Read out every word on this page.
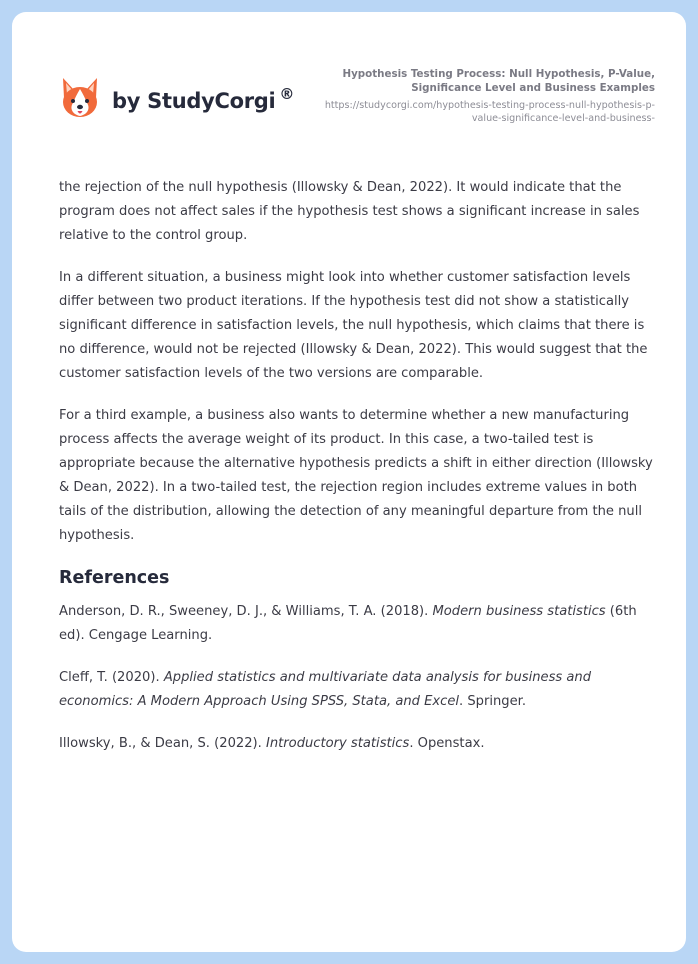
by StudyCorgi ®
Hypothesis Testing Process: Null Hypothesis, P-Value, Significance Level and Business Examples
https://studycorgi.com/hypothesis-testing-process-null-hypothesis-p-value-significance-level-and-business-

the rejection of the null hypothesis (Illowsky & Dean, 2022). It would indicate that the program does not affect sales if the hypothesis test shows a significant increase in sales relative to the control group.

In a different situation, a business might look into whether customer satisfaction levels differ between two product iterations. If the hypothesis test did not show a statistically significant difference in satisfaction levels, the null hypothesis, which claims that there is no difference, would not be rejected (Illowsky & Dean, 2022). This would suggest that the customer satisfaction levels of the two versions are comparable.

For a third example, a business also wants to determine whether a new manufacturing process affects the average weight of its product. In this case, a two-tailed test is appropriate because the alternative hypothesis predicts a shift in either direction (Illowsky & Dean, 2022). In a two-tailed test, the rejection region includes extreme values in both tails of the distribution, allowing the detection of any meaningful departure from the null hypothesis.

References

Anderson, D. R., Sweeney, D. J., & Williams, T. A. (2018). Modern business statistics (6th ed). Cengage Learning.

Cleff, T. (2020). Applied statistics and multivariate data analysis for business and economics: A Modern Approach Using SPSS, Stata, and Excel. Springer.

Illowsky, B., & Dean, S. (2022). Introductory statistics. Openstax.
